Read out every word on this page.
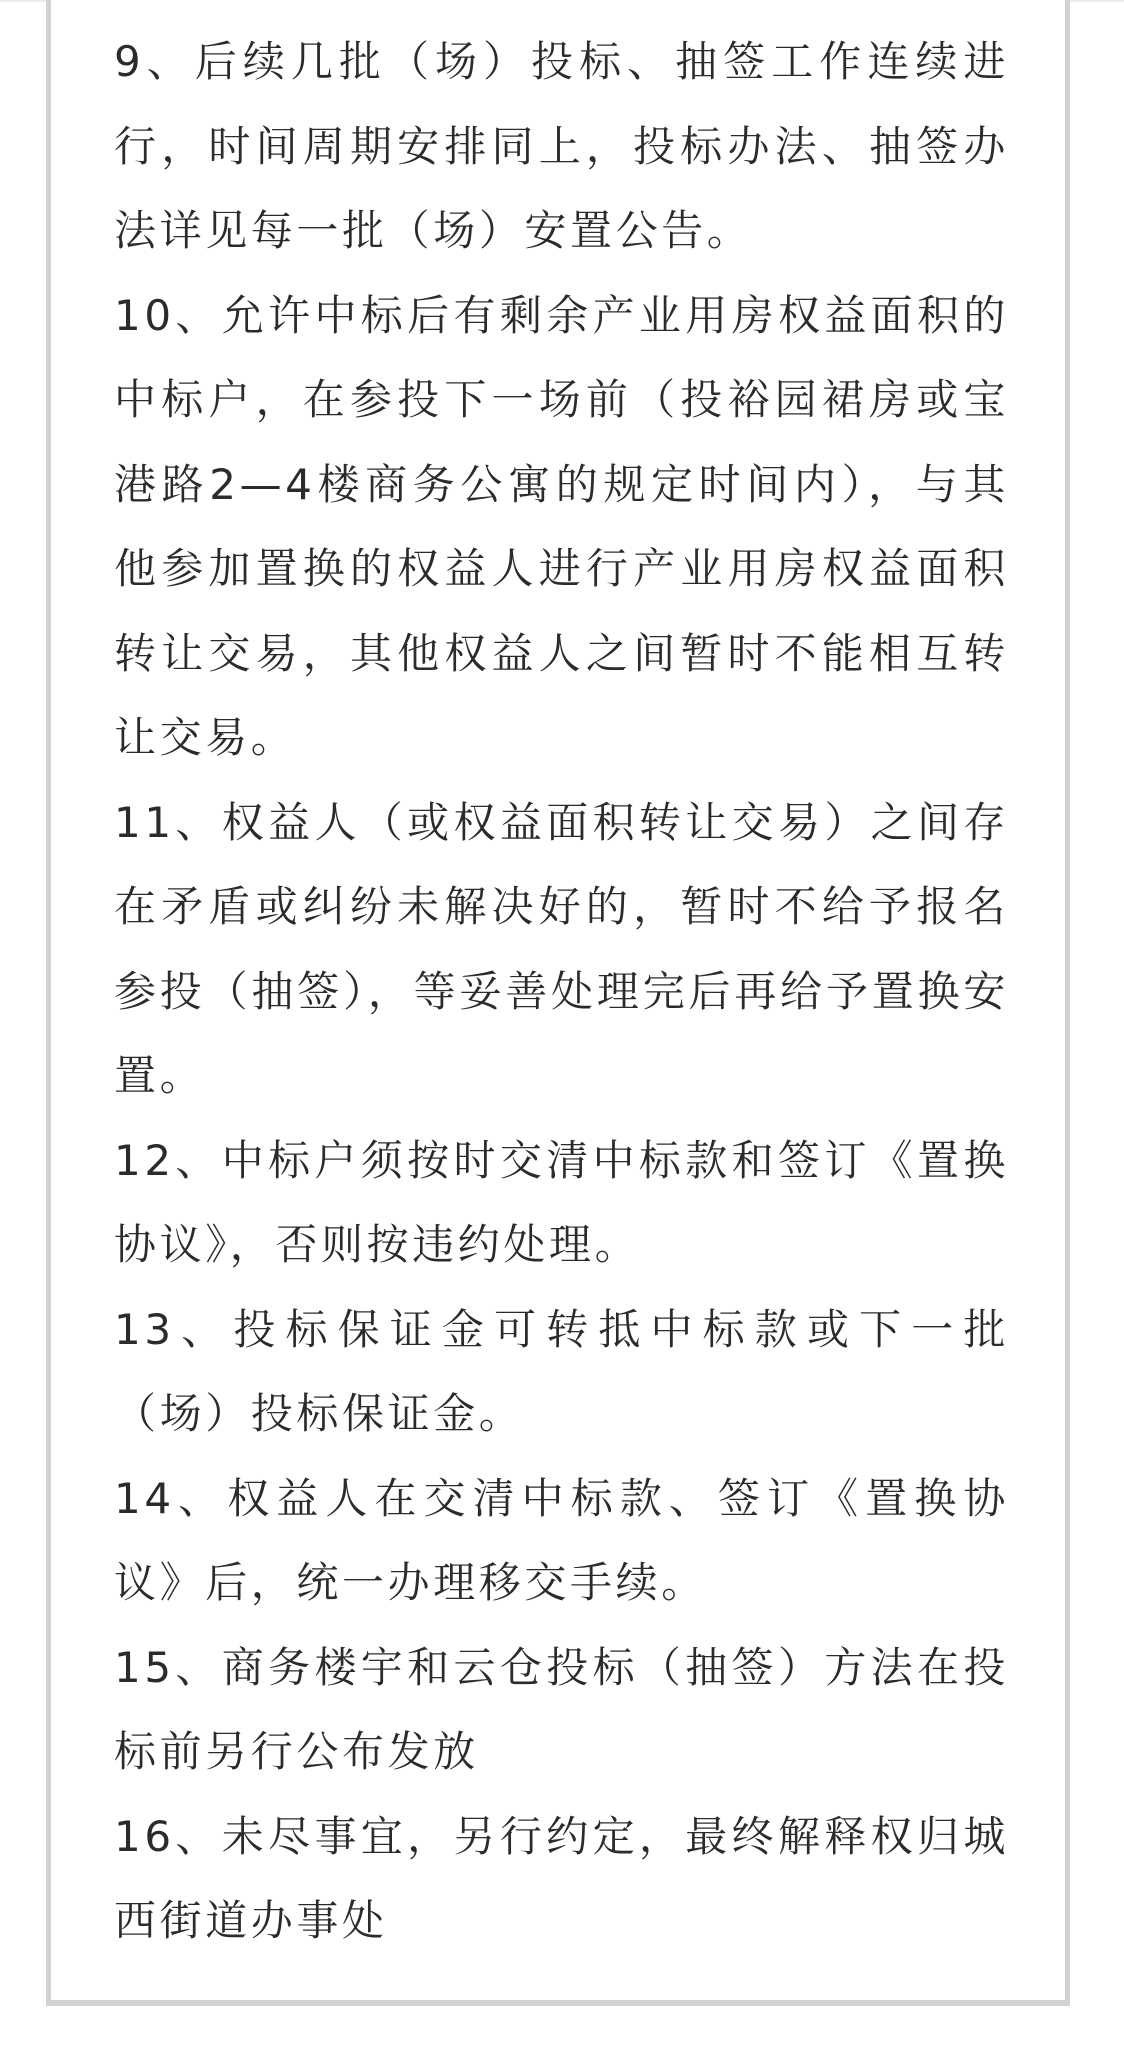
9、后续几批（场）投标、抽签工作连续进行，时间周期安排同上，投标办法、抽签办法详见每一批（场）安置公告。

10、允许中标后有剩余产业用房权益面积的中标户，在参投下一场前（投裕园裙房或宝港路2—4楼商务公寓的规定时间内），与其他参加置换的权益人进行产业用房权益面积转让交易，其他权益人之间暂时不能相互转让交易。

11、权益人（或权益面积转让交易）之间存在矛盾或纠纷未解决好的，暂时不给予报名参投（抽签），等妥善处理完后再给予置换安置。

12、中标户须按时交清中标款和签订《置换协议》，否则按违约处理。

13、投标保证金可转抵中标款或下一批（场）投标保证金。

14、权益人在交清中标款、签订《置换协议》后，统一办理移交手续。

15、商务楼宇和云仓投标（抽签）方法在投标前另行公布发放

16、未尽事宜，另行约定，最终解释权归城西街道办事处
